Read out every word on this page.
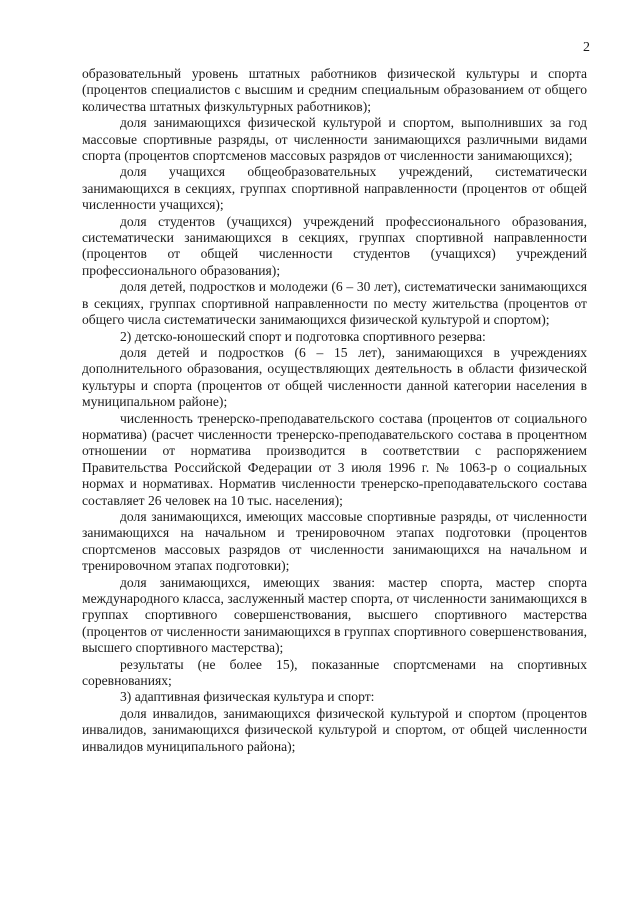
2

образовательный уровень штатных работников физической культуры и спорта (процентов специалистов с высшим и средним специальным образованием от общего количества штатных физкультурных работников);

доля занимающихся физической культурой и спортом, выполнивших за год массовые спортивные разряды, от численности занимающихся различными видами спорта (процентов спортсменов массовых разрядов от численности занимающихся);

доля учащихся общеобразовательных учреждений, систематически занимающихся в секциях, группах спортивной направленности (процентов от общей численности учащихся);

доля студентов (учащихся) учреждений профессионального образования, систематически занимающихся в секциях, группах спортивной направленности (процентов от общей численности студентов (учащихся) учреждений профессионального образования);

доля детей, подростков и молодежи (6 – 30 лет), систематически занимающихся в секциях, группах спортивной направленности по месту жительства (процентов от общего числа систематически занимающихся физической культурой и спортом);

2) детско-юношеский спорт и подготовка спортивного резерва:

доля детей и подростков (6 – 15 лет), занимающихся в учреждениях дополнительного образования, осуществляющих деятельность в области физической культуры и спорта (процентов от общей численности данной категории населения в муниципальном районе);

численность тренерско-преподавательского состава (процентов от социального норматива) (расчет численности тренерско-преподавательского состава в процентном отношении от норматива производится в соответствии с распоряжением Правительства Российской Федерации от 3 июля 1996 г. № 1063-р о социальных нормах и нормативах. Норматив численности тренерско-преподавательского состава составляет 26 человек на 10 тыс. населения);

доля занимающихся, имеющих массовые спортивные разряды, от численности занимающихся на начальном и тренировочном этапах подготовки (процентов спортсменов массовых разрядов от численности занимающихся на начальном и тренировочном этапах подготовки);

доля занимающихся, имеющих звания: мастер спорта, мастер спорта международного класса, заслуженный мастер спорта, от численности занимающихся в группах спортивного совершенствования, высшего спортивного мастерства (процентов от численности занимающихся в группах спортивного совершенствования, высшего спортивного мастерства);

результаты (не более 15), показанные спортсменами на спортивных соревнованиях;

3) адаптивная физическая культура и спорт:

доля инвалидов, занимающихся физической культурой и спортом (процентов инвалидов, занимающихся физической культурой и спортом, от общей численности инвалидов муниципального района);
